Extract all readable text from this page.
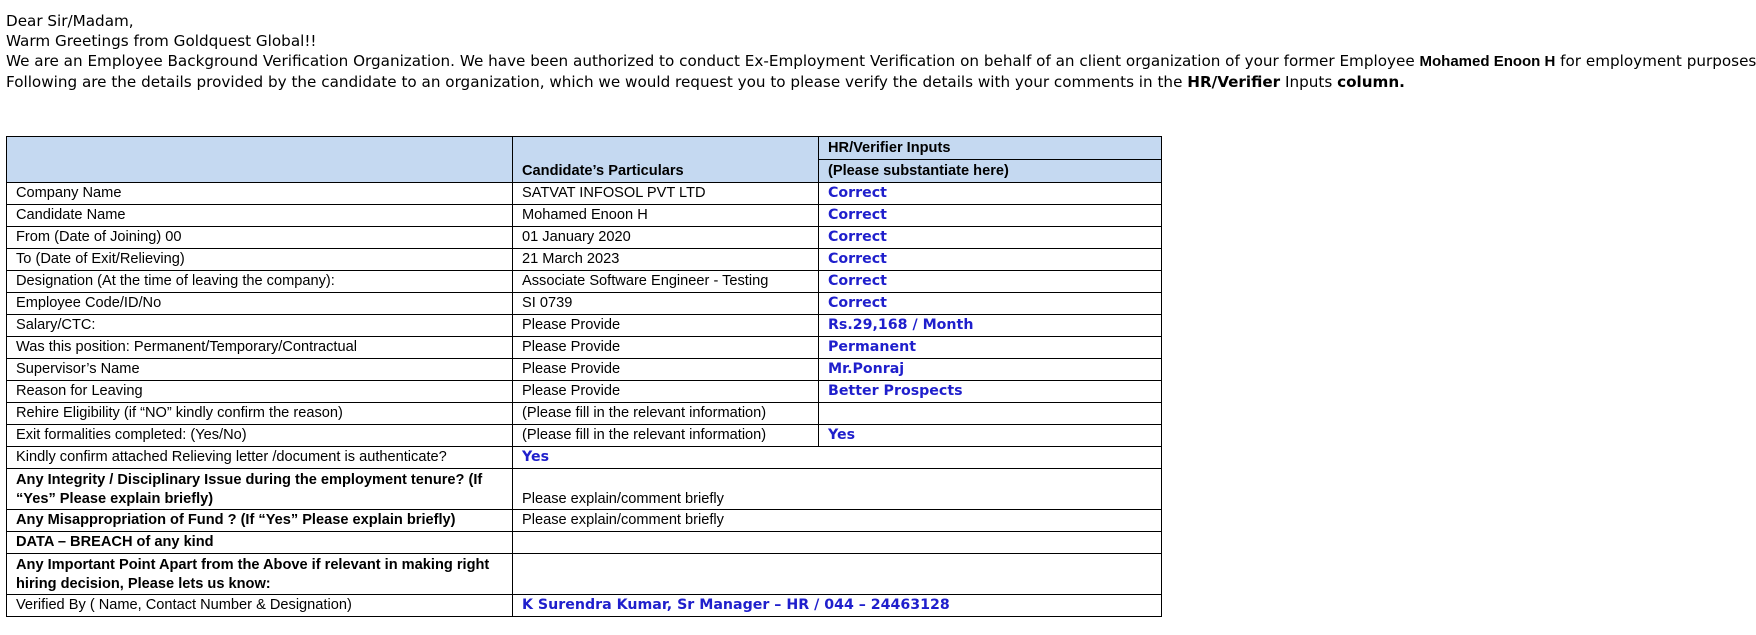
Dear Sir/Madam,
Warm Greetings from Goldquest Global!!
We are an Employee Background Verification Organization. We have been authorized to conduct Ex-Employment Verification on behalf of an client organization of your former Employee Mohamed Enoon H for employment purposes
Following are the details provided by the candidate to an organization, which we would request you to please verify the details with your comments in the HR/Verifier Inputs column.
	Candidate’s Particulars	HR/Verifier Inputs
		(Please substantiate here)
Company Name	SATVAT INFOSOL PVT LTD	Correct
Candidate Name	Mohamed Enoon H	Correct
From (Date of Joining) 00	01 January 2020	Correct
To (Date of Exit/Relieving)	21 March 2023	Correct
Designation (At the time of leaving the company):	Associate Software Engineer - Testing	Correct
Employee Code/ID/No	SI 0739	Correct
Salary/CTC:	Please Provide	Rs.29,168 / Month
Was this position: Permanent/Temporary/Contractual	Please Provide	Permanent
Supervisor’s Name	Please Provide	Mr.Ponraj
Reason for Leaving	Please Provide	Better Prospects
Rehire Eligibility (if “NO” kindly confirm the reason)	(Please fill in the relevant information)	
Exit formalities completed: (Yes/No)	(Please fill in the relevant information)	Yes
Kindly confirm attached Relieving letter /document is authenticate?	Yes	
Any Integrity / Disciplinary Issue during the employment tenure? (If “Yes” Please explain briefly)	Please explain/comment briefly	
Any Misappropriation of Fund ? (If “Yes” Please explain briefly)	Please explain/comment briefly	
DATA – BREACH of any kind		
Any Important Point Apart from the Above if relevant in making right hiring decision, Please lets us know:		
Verified By ( Name, Contact Number & Designation)	K Surendra Kumar, Sr Manager – HR / 044 – 24463128	
